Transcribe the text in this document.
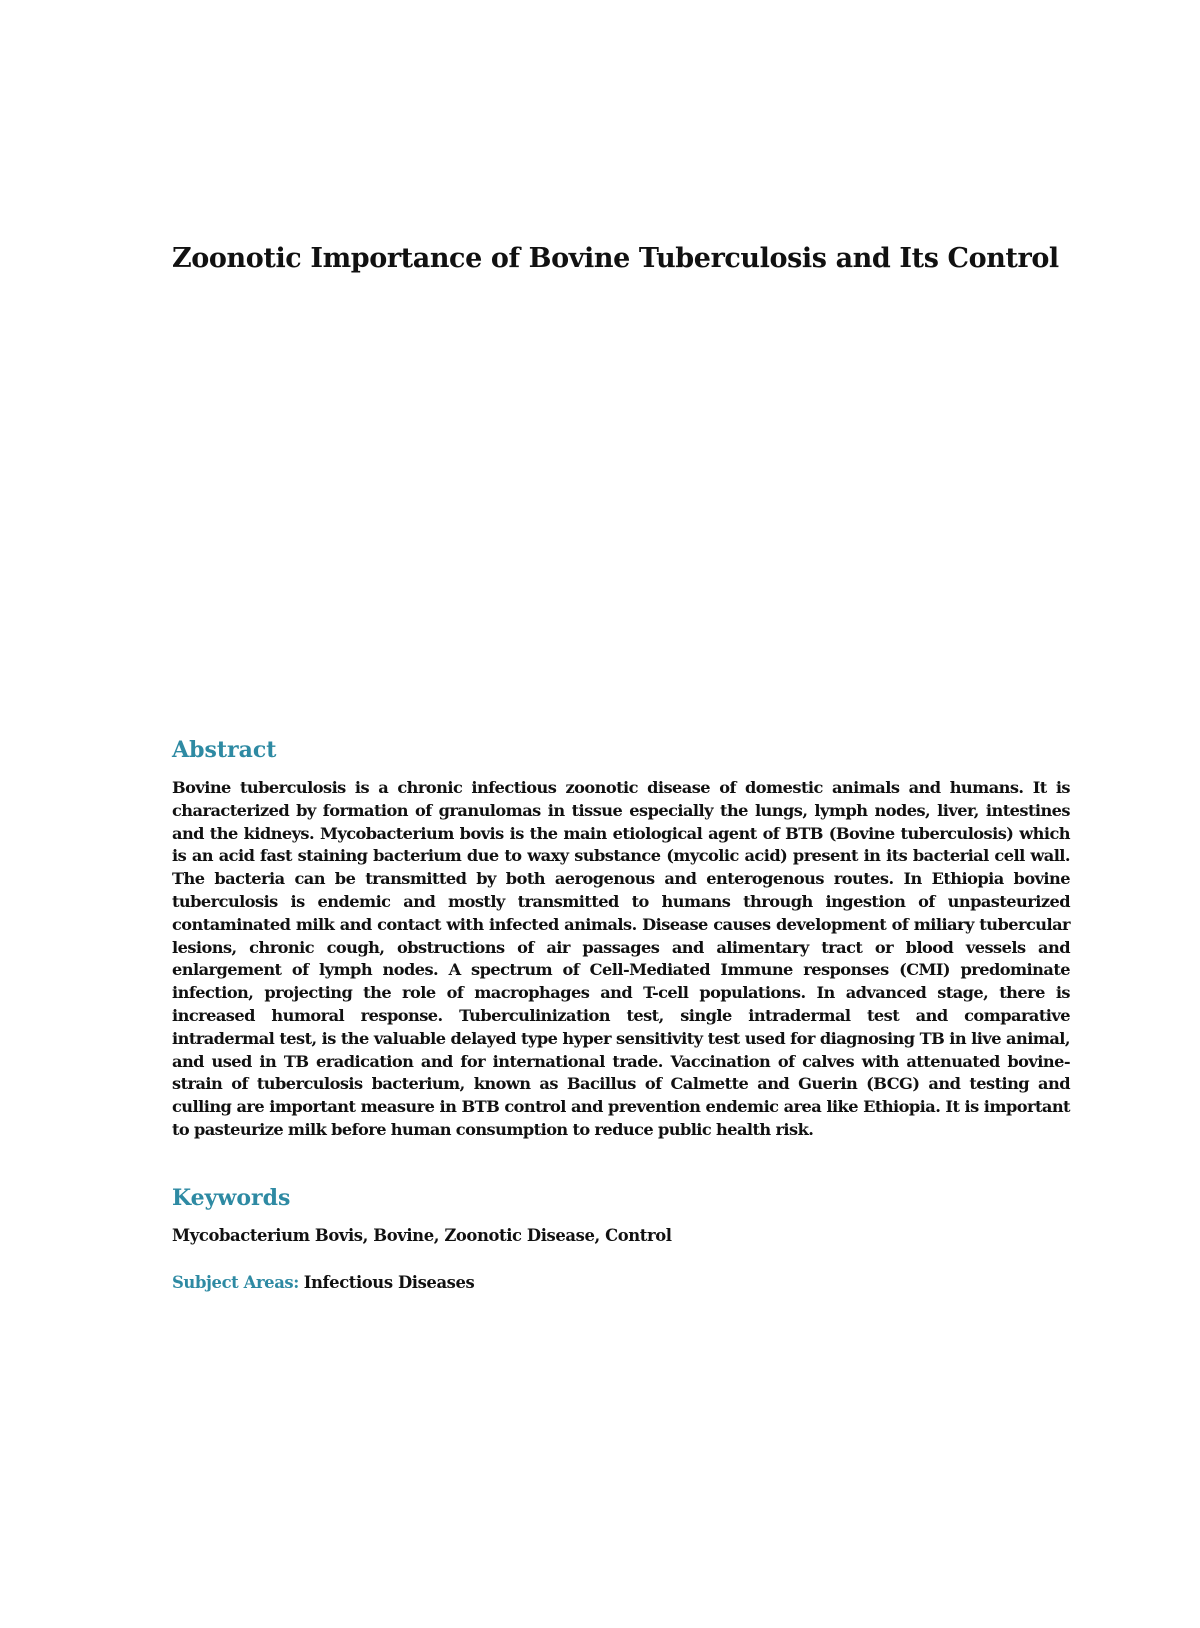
Zoonotic Importance of Bovine Tuberculosis and Its Control
Abstract

Bovine tuberculosis is a chronic infectious zoonotic disease of domestic animals and humans. It is characterized by formation of granulomas in tissue especially the lungs, lymph nodes, liver, intestines and the kidneys. Mycobacterium bovis is the main etiological agent of BTB (Bovine tuberculosis) which is an acid fast staining bacterium due to waxy substance (mycolic acid) present in its bacterial cell wall. The bacteria can be transmitted by both aerogenous and enterogenous routes. In Ethiopia bovine tuberculosis is endemic and mostly transmitted to humans through ingestion of unpasteurized contaminated milk and contact with infected animals. Disease causes development of miliary tubercular lesions, chronic cough, obstructions of air passages and alimentary tract or blood vessels and enlargement of lymph nodes. A spectrum of Cell-Mediated Immune responses (CMI) predominate infection, projecting the role of macrophages and T-cell populations. In advanced stage, there is increased humoral response. Tuberculinization test, single intradermal test and comparative intradermal test, is the valuable delayed type hyper sensitivity test used for diagnosing TB in live animal, and used in TB eradication and for international trade. Vaccination of calves with attenuated bovine-strain of tuberculosis bacterium, known as Bacillus of Calmette and Guerin (BCG) and testing and culling are important measure in BTB control and prevention endemic area like Ethiopia. It is important to pasteurize milk before human consumption to reduce public health risk.

Keywords

Mycobacterium Bovis, Bovine, Zoonotic Disease, Control

Subject Areas: Infectious Diseases
